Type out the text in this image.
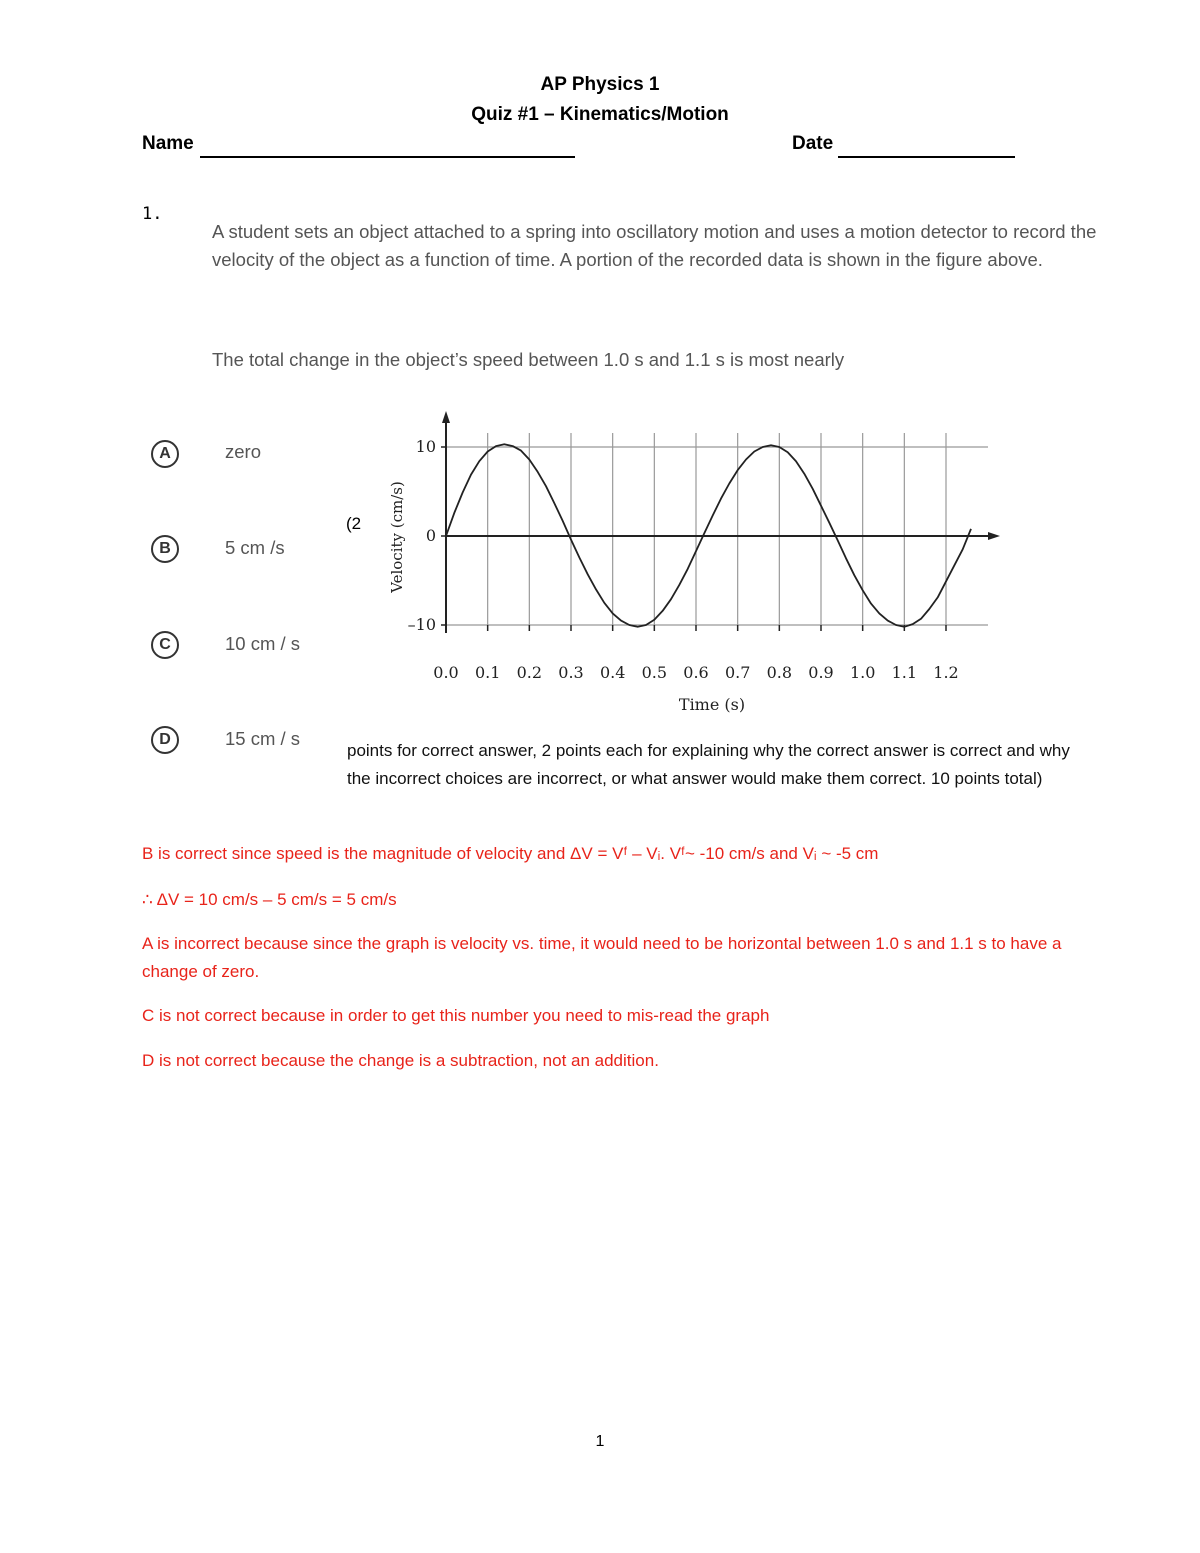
AP Physics 1
Quiz #1 – Kinematics/Motion
Name	Date
1.
A student sets an object attached to a spring into oscillatory motion and uses a motion detector to record the velocity of the object as a function of time. A portion of the recorded data is shown in the figure above.
The total change in the object’s speed between 1.0 s and 1.1 s is most nearly
A	zero
B	5 cm /s
C	10 cm / s
D	15 cm / s
(2
points for correct answer, 2 points each for explaining why the correct answer is correct and why the incorrect choices are incorrect, or what answer would make them correct. 10 points total)
0.0 0.1 0.2 0.3 0.4 0.5 0.6 0.7 0.8 0.9 1.0 1.1 1.2
10
0
–10
Time (s)
Velocity (cm/s)
B is correct since speed is the magnitude of velocity and ΔV = Vᶠ – Vᵢ. Vᶠ~ -10 cm/s and Vᵢ ~ -5 cm
∴ ΔV = 10 cm/s – 5 cm/s = 5 cm/s
A is incorrect because since the graph is velocity vs. time, it would need to be horizontal between 1.0 s and 1.1 s to have a change of zero.
C is not correct because in order to get this number you need to mis-read the graph
D is not correct because the change is a subtraction, not an addition.
1
